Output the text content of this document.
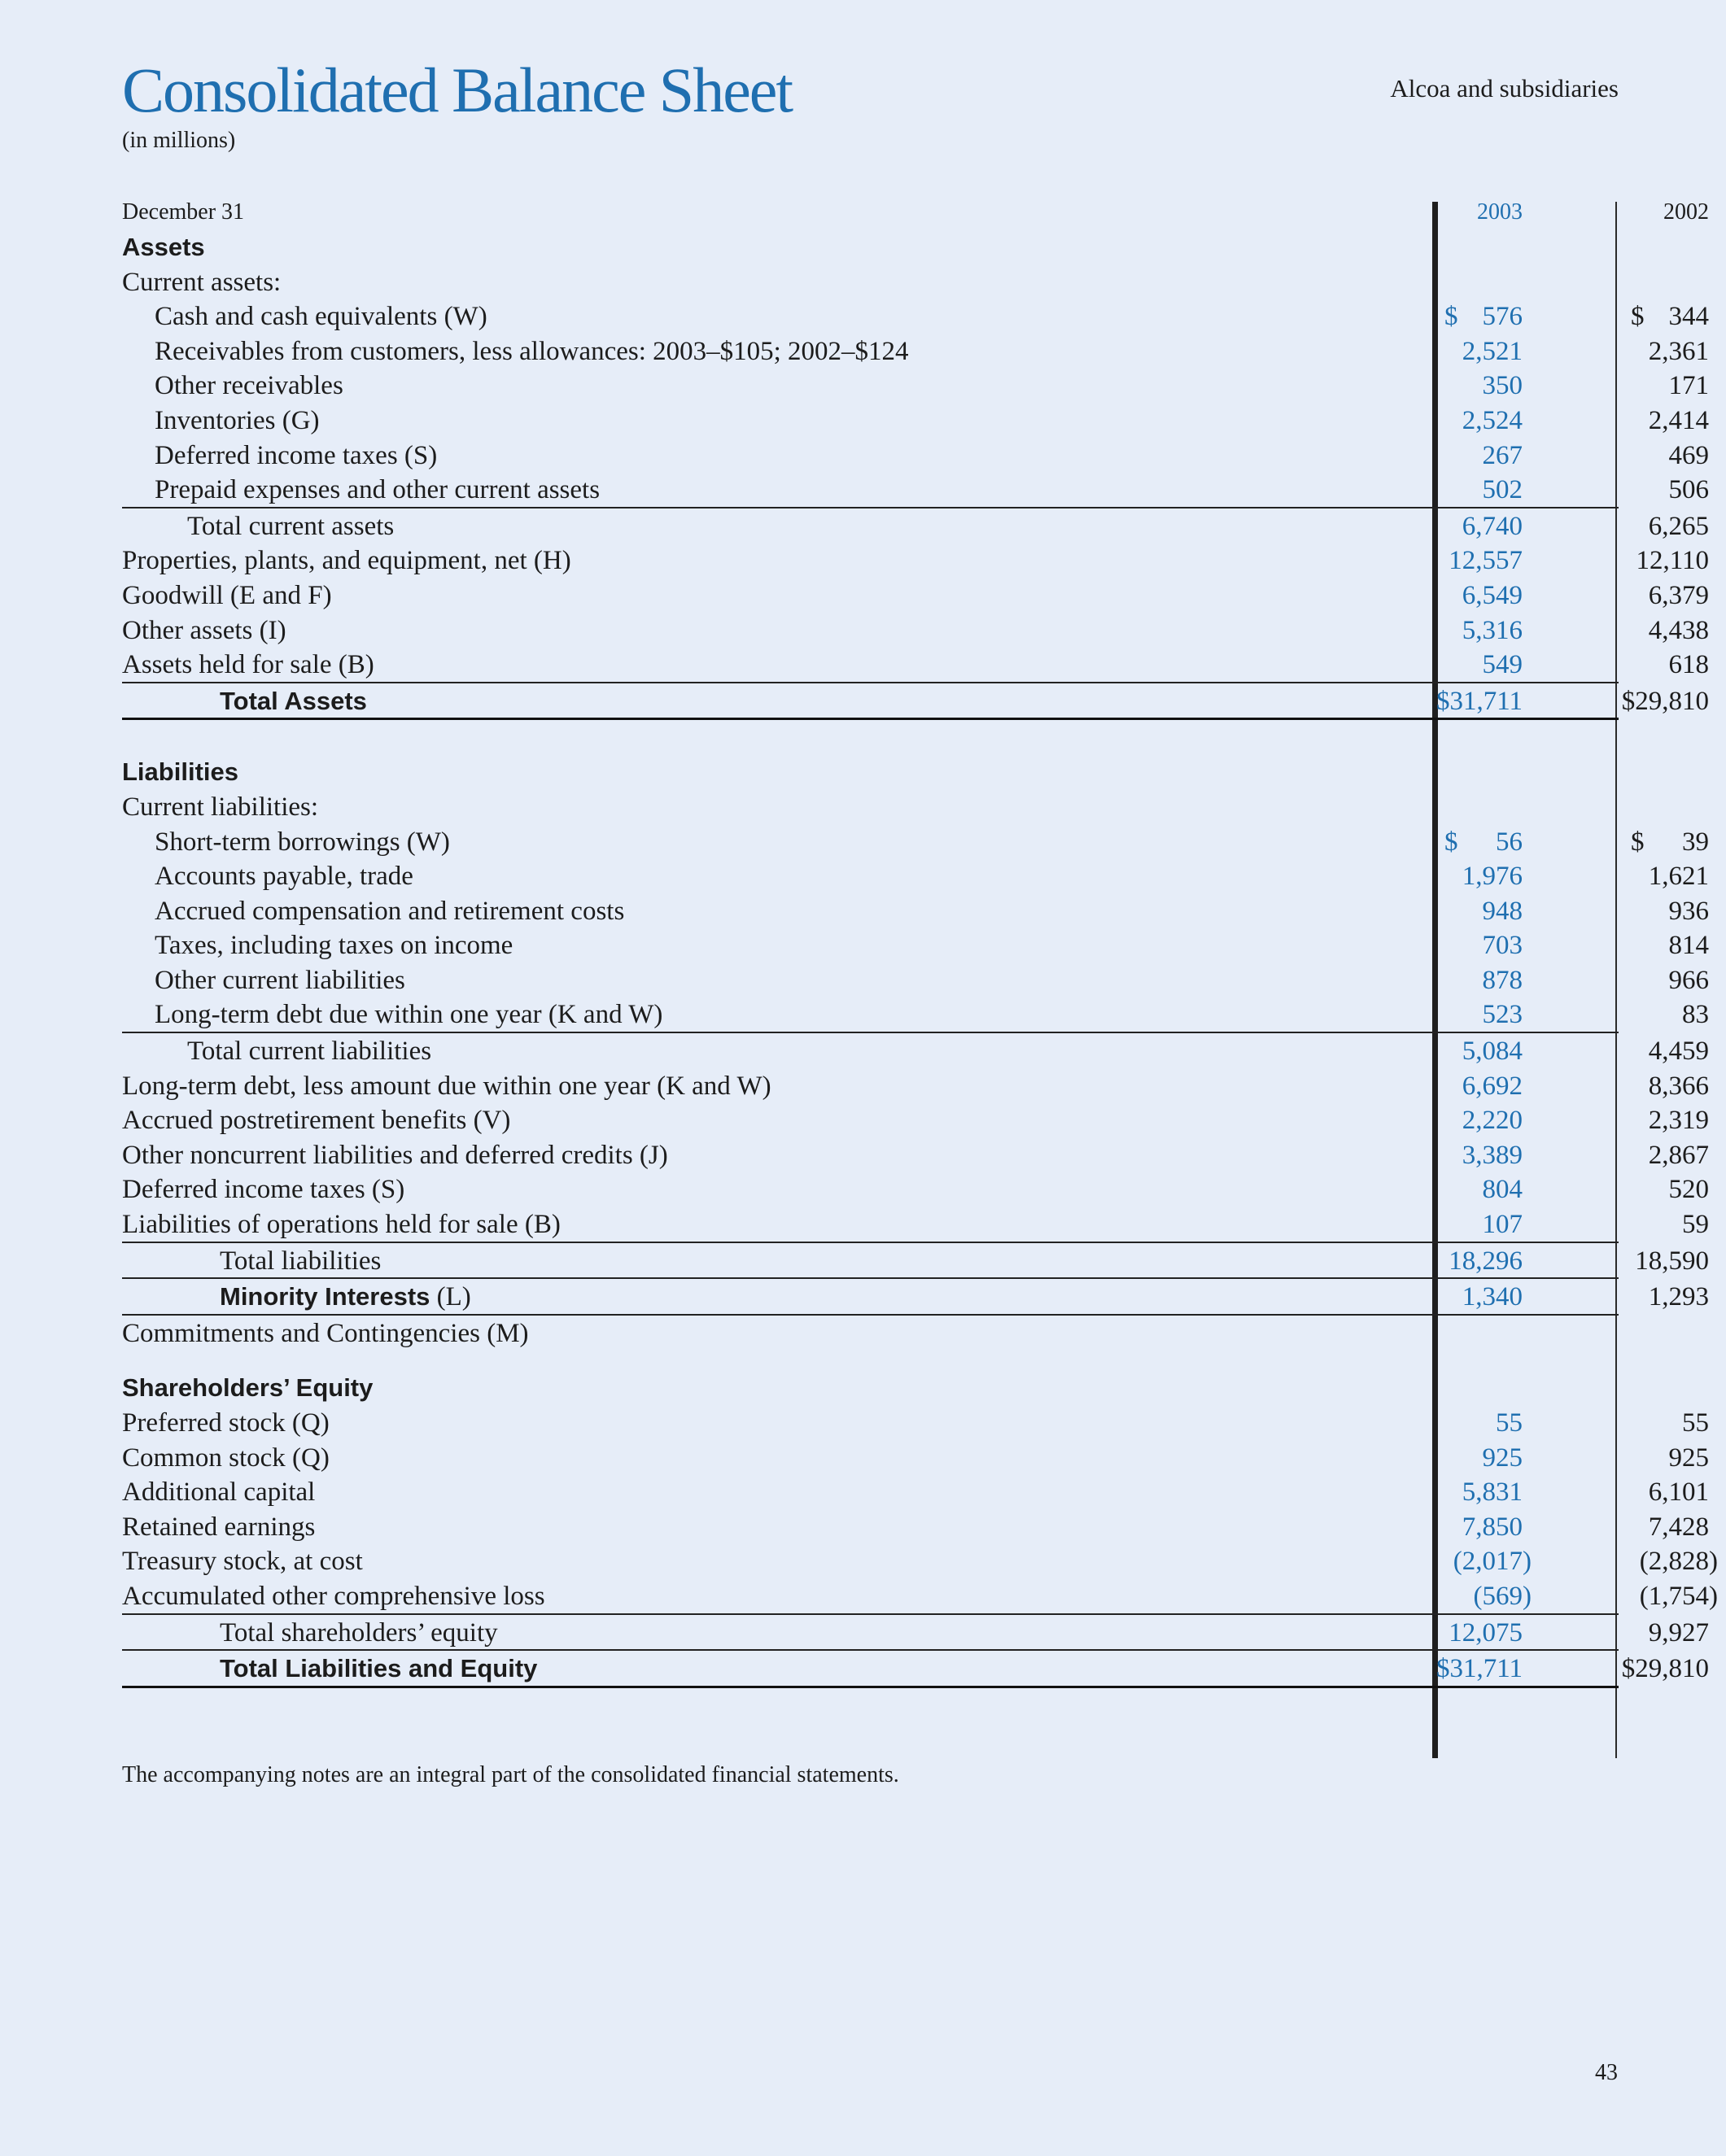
Consolidated Balance Sheet
(in millions)
Alcoa and subsidiaries
December 31	2003	2002
Assets
Current assets:
Cash and cash equivalents (W)	$ 576	$ 344
Receivables from customers, less allowances: 2003–$105; 2002–$124	2,521	2,361
Other receivables	350	171
Inventories (G)	2,524	2,414
Deferred income taxes (S)	267	469
Prepaid expenses and other current assets	502	506
Total current assets	6,740	6,265
Properties, plants, and equipment, net (H)	12,557	12,110
Goodwill (E and F)	6,549	6,379
Other assets (I)	5,316	4,438
Assets held for sale (B)	549	618
Total Assets	$31,711	$29,810
Liabilities
Current liabilities:
Short-term borrowings (W)	$ 56	$ 39
Accounts payable, trade	1,976	1,621
Accrued compensation and retirement costs	948	936
Taxes, including taxes on income	703	814
Other current liabilities	878	966
Long-term debt due within one year (K and W)	523	83
Total current liabilities	5,084	4,459
Long-term debt, less amount due within one year (K and W)	6,692	8,366
Accrued postretirement benefits (V)	2,220	2,319
Other noncurrent liabilities and deferred credits (J)	3,389	2,867
Deferred income taxes (S)	804	520
Liabilities of operations held for sale (B)	107	59
Total liabilities	18,296	18,590
Minority Interests (L)	1,340	1,293
Commitments and Contingencies (M)
Shareholders’ Equity
Preferred stock (Q)	55	55
Common stock (Q)	925	925
Additional capital	5,831	6,101
Retained earnings	7,850	7,428
Treasury stock, at cost	(2,017)	(2,828)
Accumulated other comprehensive loss	(569)	(1,754)
Total shareholders’ equity	12,075	9,927
Total Liabilities and Equity	$31,711	$29,810
The accompanying notes are an integral part of the consolidated financial statements.
43
